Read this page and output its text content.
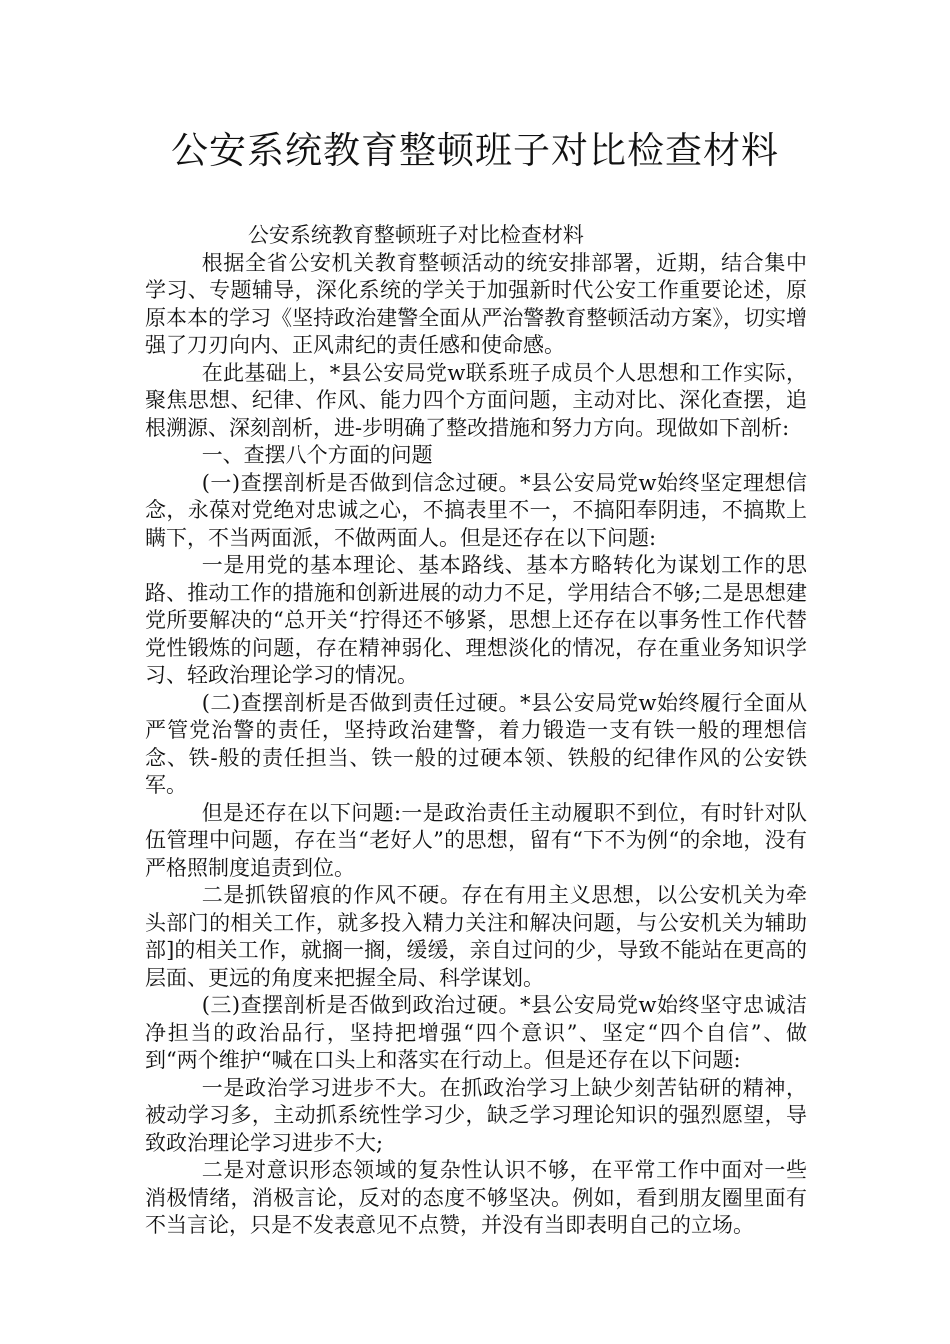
公安系统教育整顿班子对比检查材料

公安系统教育整顿班子对比检查材料

根据全省公安机关教育整顿活动的统安排部署，近期，结合集中学习、专题辅导，深化系统的学关于加强新时代公安工作重要论述，原原本本的学习《坚持政治建警全面从严治警教育整顿活动方案》，切实增强了刀刃向内、正风肃纪的责任感和使命感。

在此基础上，*县公安局党w联系班子成员个人思想和工作实际，聚焦思想、纪律、作风、能力四个方面问题，主动对比、深化查摆，追根溯源、深刻剖析，进-步明确了整改措施和努力方向。现做如下剖析:

一、查摆八个方面的问题

(一)查摆剖析是否做到信念过硬。*县公安局党w始终坚定理想信念，永葆对党绝对忠诚之心，不搞表里不一，不搞阳奉阴违，不搞欺上瞒下，不当两面派，不做两面人。但是还存在以下问题:

一是用党的基本理论、基本路线、基本方略转化为谋划工作的思路、推动工作的措施和创新进展的动力不足，学用结合不够;二是思想建党所要解决的“总开关“拧得还不够紧，思想上还存在以事务性工作代替党性锻炼的问题，存在精神弱化、理想淡化的情况，存在重业务知识学习、轻政治理论学习的情况。

(二)查摆剖析是否做到责任过硬。*县公安局党w始终履行全面从严管党治警的责任，坚持政治建警，着力锻造一支有铁一般的理想信念、铁-般的责任担当、铁一般的过硬本领、铁般的纪律作风的公安铁军。

但是还存在以下问题:一是政治责任主动履职不到位，有时针对队伍管理中问题，存在当“老好人”的思想，留有“下不为例“的余地，没有严格照制度追责到位。

二是抓铁留痕的作风不硬。存在有用主义思想，以公安机关为牵头部门的相关工作，就多投入精力关注和解决问题，与公安机关为辅助部]的相关工作，就搁一搁，缓缓，亲自过问的少，导致不能站在更高的层面、更远的角度来把握全局、科学谋划。

(三)查摆剖析是否做到政治过硬。*县公安局党w始终坚守忠诚洁净担当的政治品行，坚持把增强“四个意识”、坚定“四个自信”、做到“两个维护“喊在口头上和落实在行动上。但是还存在以下问题:

一是政治学习进步不大。在抓政治学习上缺少刻苦钻研的精神，被动学习多，主动抓系统性学习少，缺乏学习理论知识的强烈愿望，导致政治理论学习进步不大;

二是对意识形态领域的复杂性认识不够，在平常工作中面对一些消极情绪，消极言论，反对的态度不够坚决。例如，看到朋友圈里面有不当言论，只是不发表意见不点赞，并没有当即表明自己的立场。
